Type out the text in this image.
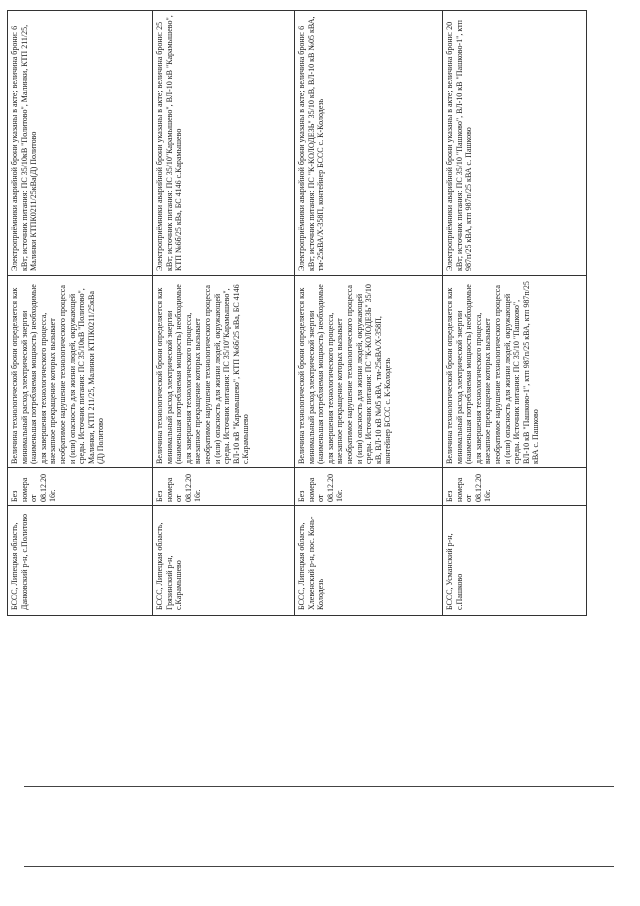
Электроприёмники аварийной брони указаны в акте; величина брони: 6 кВт; источник питания: ПС 35/10кВ "Политово", Малинки, КТП 211/25, Малинки КТПК0211/25кВа(Д) Политово
Величина технологической брони определяется как минимальный расход электрической энергии (наименьшая потребляемая мощность) необходимые для завершения технологического процесса, внезапное прекращение которых вызывает необратимое нарушение технологического процесса и (или) опасность для жизни людей, окружающей среды. Источник питания: ПС 35/10кВ "Политово", Малинки, КТП 211/25, Малинки КТПК0211/25кВа (Д) Политово
Без номера от 08.12.2016г.
БССС, Липецкая область, Данковский р-н, с.Политово
Электроприёмники аварийной брони указаны в акте; величина брони: 25 кВт; источник питания: ПС 35/10"Карамышево", ВЛ-10 кВ "Карамышево", КТП №6б/25 кВа, БС 4146 с.Карамышево
Величина технологической брони определяется как минимальный расход электрической энергии (наименьшая потребляемая мощность) необходимые для завершения технологического процесса, внезапное прекращение которых вызывает необратимое нарушение технологического процесса и (или) опасность для жизни людей, окружающей среды. Источник питания: ПС 35/10"Карамышево", ВЛ-10 кВ "Карамышево", КТП №6б/25 кВа, БС 4146 с.Карамышево
Без номера от 08.12.2016г.
БССС, Липецкая область, Грязинский р-н, с.Карамышево
Электроприёмники аварийной брони указаны в акте; величина брони: 6 кВт; источник питания: ПС "К-КОЛОДЕЗЬ" 35/10 кВ, ВЛ-10 кВ №05 кВА, тм-25кВА/Х-358П, контейнер БССС с. К-Колодезь
Величина технологической брони определяется как минимальный расход электрической энергии (наименьшая потребляемая мощность) необходимые для завершения технологического процесса, внезапное прекращение которых вызывает необратимое нарушение технологического процесса и (или) опасность для жизни людей, окружающей среды. Источник питания: ПС "К-КОЛОДЕЗЬ" 35/10 кВ, ВЛ-10 кВ №05 кВА, тм-25кВА/Х-358П, контейнер БССС с. К-Колодезь
Без номера от 08.12.2016г.
БССС, Липецкая область, Хлевенский р-н, пос. Конь-Колодезь
Электроприёмники аварийной брони указаны в акте; величина брони: 20 кВт; источник питания: ПС 35/10 "Пашково", ВЛ-10 кВ "Пашково-1", ктп 987п/25 кВА, ктп 987п/25 кВА с. Пашково
Величина технологической брони определяется как минимальный расход электрической энергии (наименьшая потребляемая мощность) необходимые для завершения технологического процесса, внезапное прекращение которых вызывает необратимое нарушение технологического процесса и (или) опасность для жизни людей, окружающей среды. Источник питания: ПС 35/10 "Пашково", ВЛ-10 кВ "Пашково-1", ктп 987п/25 кВА, ктп 987п/25 кВА с. Пашково
Без номера от 08.12.2016г.
БССС, Усманский р-н, с.Пашково
